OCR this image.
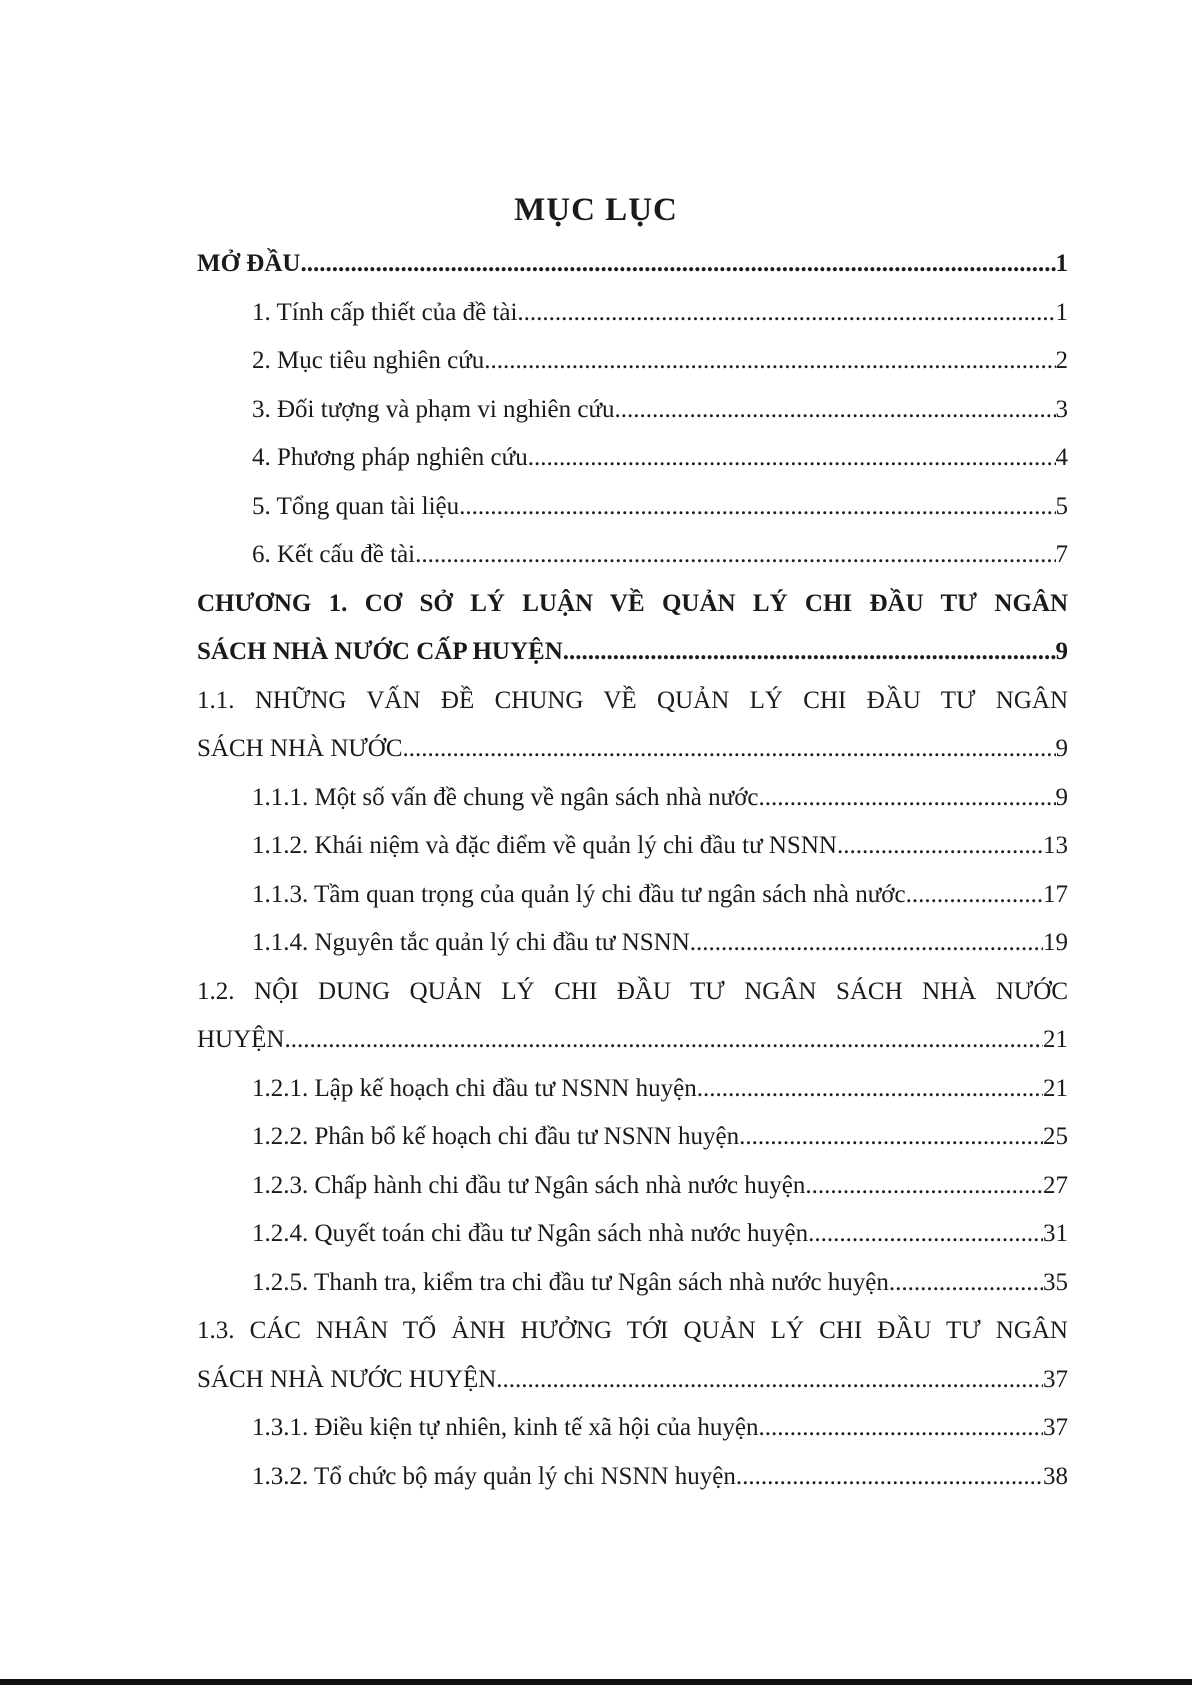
MỤC LỤC
MỞ ĐẦU .....	1
1. Tính cấp thiết của đề tài .....	1
2. Mục tiêu nghiên cứu .....	2
3. Đối tượng và phạm vi nghiên cứu .....	3
4. Phương pháp nghiên cứu .....	4
5. Tổng quan tài liệu .....	5
6. Kết cấu đề tài .....	7
CHƯƠNG 1. CƠ SỞ LÝ LUẬN VỀ QUẢN LÝ CHI ĐẦU TƯ NGÂN
SÁCH NHÀ NƯỚC CẤP HUYỆN .....	9
1.1. NHỮNG VẤN ĐỀ CHUNG VỀ QUẢN LÝ CHI ĐẦU TƯ NGÂN
SÁCH NHÀ NƯỚC .....	9
1.1.1. Một số vấn đề chung về ngân sách nhà nước .....	9
1.1.2. Khái niệm và đặc điểm về quản lý chi đầu tư NSNN .....	13
1.1.3. Tầm quan trọng của quản lý chi đầu tư ngân sách nhà nước .....	17
1.1.4. Nguyên tắc quản lý chi đầu tư NSNN .....	19
1.2. NỘI DUNG QUẢN LÝ CHI ĐẦU TƯ NGÂN SÁCH NHÀ NƯỚC
HUYỆN .....	21
1.2.1. Lập kế hoạch chi đầu tư NSNN huyện .....	21
1.2.2. Phân bổ kế hoạch chi đầu tư NSNN huyện .....	25
1.2.3. Chấp hành chi đầu tư Ngân sách nhà nước huyện .....	27
1.2.4. Quyết toán chi đầu tư Ngân sách nhà nước huyện .....	31
1.2.5. Thanh tra, kiểm tra chi đầu tư Ngân sách nhà nước huyện .....	35
1.3. CÁC NHÂN TỐ ẢNH HƯỞNG TỚI QUẢN LÝ CHI ĐẦU TƯ NGÂN
SÁCH NHÀ NƯỚC HUYỆN .....	37
1.3.1. Điều kiện tự nhiên, kinh tế xã hội của huyện .....	37
1.3.2. Tổ chức bộ máy quản lý chi NSNN huyện .....	38
